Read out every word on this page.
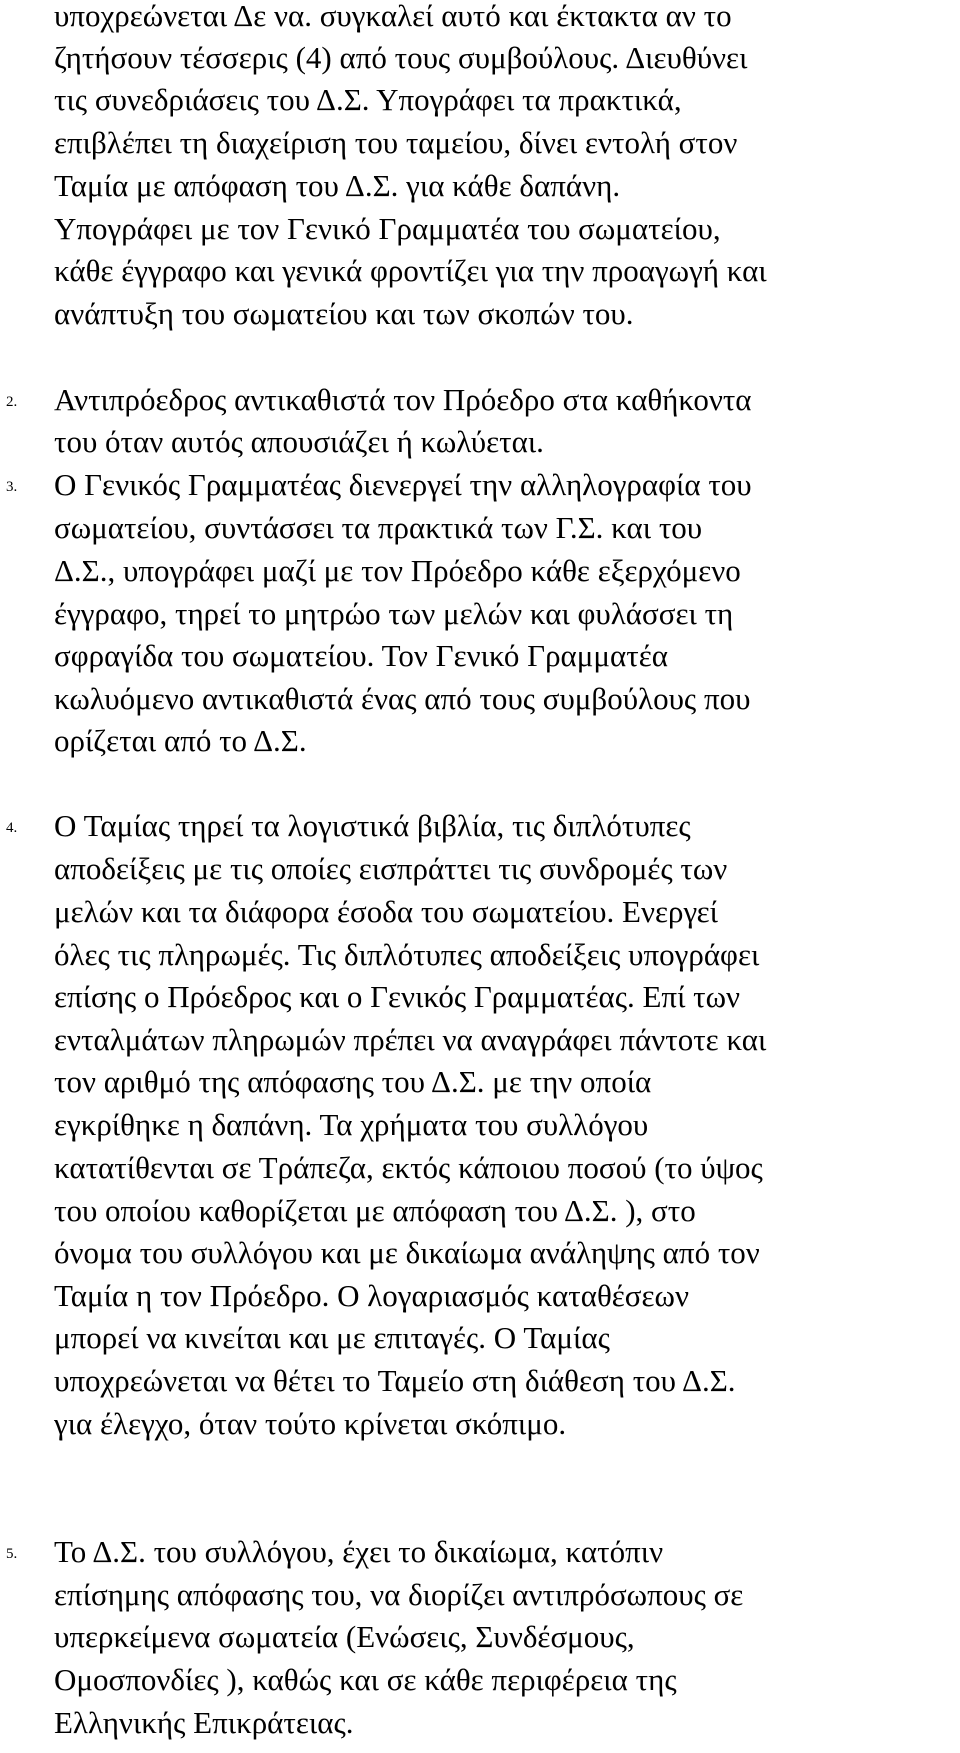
υποχρεώνεται Δε να. συγκαλεί αυτό και έκτακτα αν το
ζητήσουν τέσσερις (4) από τους συμβούλους. Διευθύνει
τις συνεδριάσεις του Δ.Σ. Υπογράφει τα πρακτικά,
επιβλέπει τη διαχείριση του ταμείου, δίνει εντολή στον
Ταμία με απόφαση του Δ.Σ. για κάθε δαπάνη.
Υπογράφει με τον Γενικό Γραμματέα του σωματείου,
κάθε έγγραφο και γενικά φροντίζει για την προαγωγή και
ανάπτυξη του σωματείου και των σκοπών του.
2. Αντιπρόεδρος αντικαθιστά τον Πρόεδρο στα καθήκοντα
του όταν αυτός απουσιάζει ή κωλύεται.
3. Ο Γενικός Γραμματέας διενεργεί την αλληλογραφία του
σωματείου, συντάσσει τα πρακτικά των Γ.Σ. και του
Δ.Σ., υπογράφει μαζί με τον Πρόεδρο κάθε εξερχόμενο
έγγραφο, τηρεί το μητρώο των μελών και φυλάσσει τη
σφραγίδα του σωματείου. Τον Γενικό Γραμματέα
κωλυόμενο αντικαθιστά ένας από τους συμβούλους που
ορίζεται από το Δ.Σ.
4. Ο Ταμίας τηρεί τα λογιστικά βιβλία, τις διπλότυπες
αποδείξεις με τις οποίες εισπράττει τις συνδρομές των
μελών και τα διάφορα έσοδα του σωματείου. Ενεργεί
όλες τις πληρωμές. Τις διπλότυπες αποδείξεις υπογράφει
επίσης ο Πρόεδρος και ο Γενικός Γραμματέας. Επί των
ενταλμάτων πληρωμών πρέπει να αναγράφει πάντοτε και
τον αριθμό της απόφασης του Δ.Σ. με την οποία
εγκρίθηκε η δαπάνη. Τα χρήματα του συλλόγου
κατατίθενται σε Τράπεζα, εκτός κάποιου ποσού (το ύψος
του οποίου καθορίζεται με απόφαση του Δ.Σ. ), στο
όνομα του συλλόγου και με δικαίωμα ανάληψης από τον
Ταμία η τον Πρόεδρο. Ο λογαριασμός καταθέσεων
μπορεί να κινείται και με επιταγές. Ο Ταμίας
υποχρεώνεται να θέτει το Ταμείο στη διάθεση του Δ.Σ.
για έλεγχο, όταν τούτο κρίνεται σκόπιμο.
5. Το Δ.Σ. του συλλόγου, έχει το δικαίωμα, κατόπιν
επίσημης απόφασης του, να διορίζει αντιπρόσωπους σε
υπερκείμενα σωματεία (Ενώσεις, Συνδέσμους,
Ομοσπονδίες ), καθώς και σε κάθε περιφέρεια της
Ελληνικής Επικράτειας.
